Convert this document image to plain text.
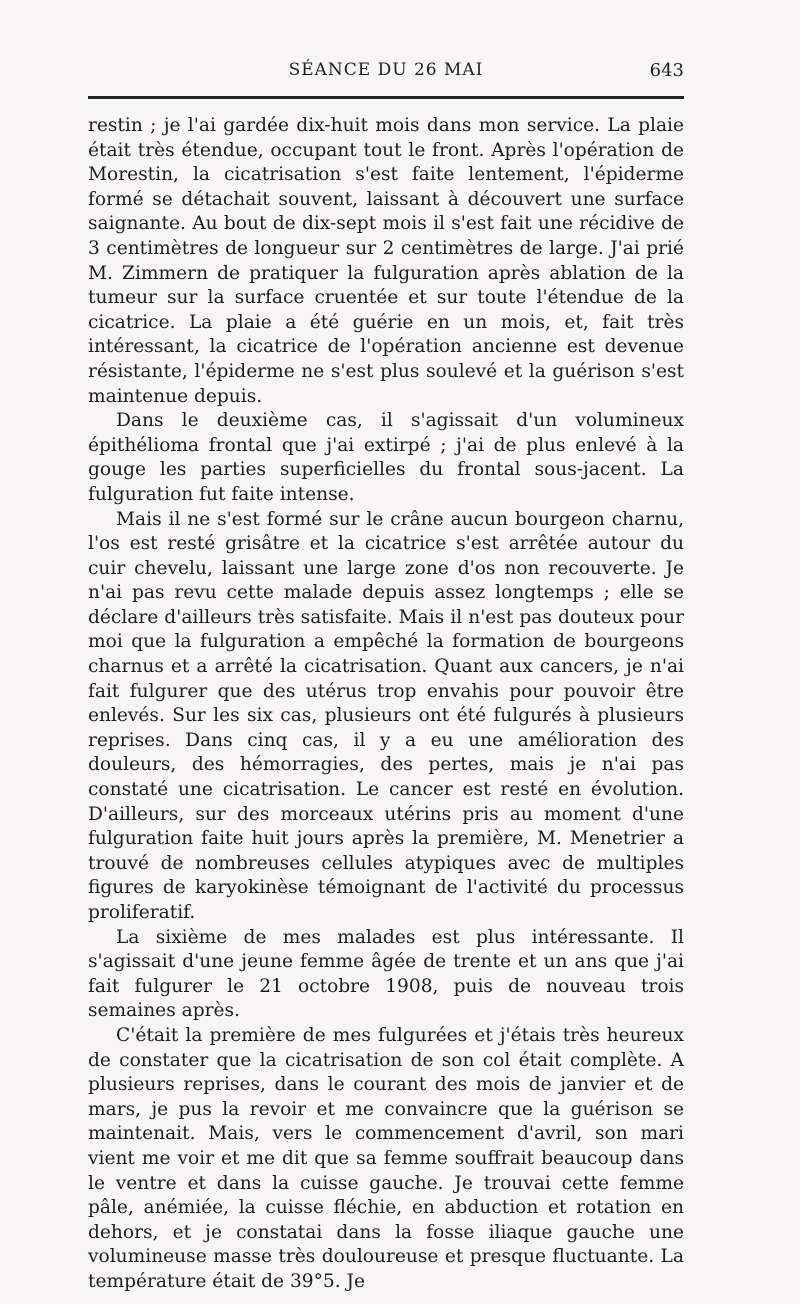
SÉANCE DU 26 MAI	643

restin ; je l'ai gardée dix-huit mois dans mon service. La plaie était très étendue, occupant tout le front. Après l'opération de Morestin, la cicatrisation s'est faite lentement, l'épiderme formé se détachait souvent, laissant à découvert une surface saignante. Au bout de dix-sept mois il s'est fait une récidive de 3 centimètres de longueur sur 2 centimètres de large. J'ai prié M. Zimmern de pratiquer la fulguration après ablation de la tumeur sur la surface cruentée et sur toute l'étendue de la cicatrice. La plaie a été guérie en un mois, et, fait très intéressant, la cicatrice de l'opération ancienne est devenue résistante, l'épiderme ne s'est plus soulevé et la guérison s'est maintenue depuis.

Dans le deuxième cas, il s'agissait d'un volumineux épithélioma frontal que j'ai extirpé ; j'ai de plus enlevé à la gouge les parties superficielles du frontal sous-jacent. La fulguration fut faite intense.

Mais il ne s'est formé sur le crâne aucun bourgeon charnu, l'os est resté grisâtre et la cicatrice s'est arrêtée autour du cuir chevelu, laissant une large zone d'os non recouverte. Je n'ai pas revu cette malade depuis assez longtemps ; elle se déclare d'ailleurs très satisfaite. Mais il n'est pas douteux pour moi que la fulguration a empêché la formation de bourgeons charnus et a arrêté la cicatrisation. Quant aux cancers, je n'ai fait fulgurer que des utérus trop envahis pour pouvoir être enlevés. Sur les six cas, plusieurs ont été fulgurés à plusieurs reprises. Dans cinq cas, il y a eu une amélioration des douleurs, des hémorragies, des pertes, mais je n'ai pas constaté une cicatrisation. Le cancer est resté en évolution. D'ailleurs, sur des morceaux utérins pris au moment d'une fulguration faite huit jours après la première, M. Menetrier a trouvé de nombreuses cellules atypiques avec de multiples figures de karyokinèse témoignant de l'activité du processus proliferatif.

La sixième de mes malades est plus intéressante. Il s'agissait d'une jeune femme âgée de trente et un ans que j'ai fait fulgurer le 21 octobre 1908, puis de nouveau trois semaines après.

C'était la première de mes fulgurées et j'étais très heureux de constater que la cicatrisation de son col était complète. A plusieurs reprises, dans le courant des mois de janvier et de mars, je pus la revoir et me convaincre que la guérison se maintenait. Mais, vers le commencement d'avril, son mari vient me voir et me dit que sa femme souffrait beaucoup dans le ventre et dans la cuisse gauche. Je trouvai cette femme pâle, anémiée, la cuisse fléchie, en abduction et rotation en dehors, et je constatai dans la fosse iliaque gauche une volumineuse masse très douloureuse et presque fluctuante. La température était de 39°5. Je
